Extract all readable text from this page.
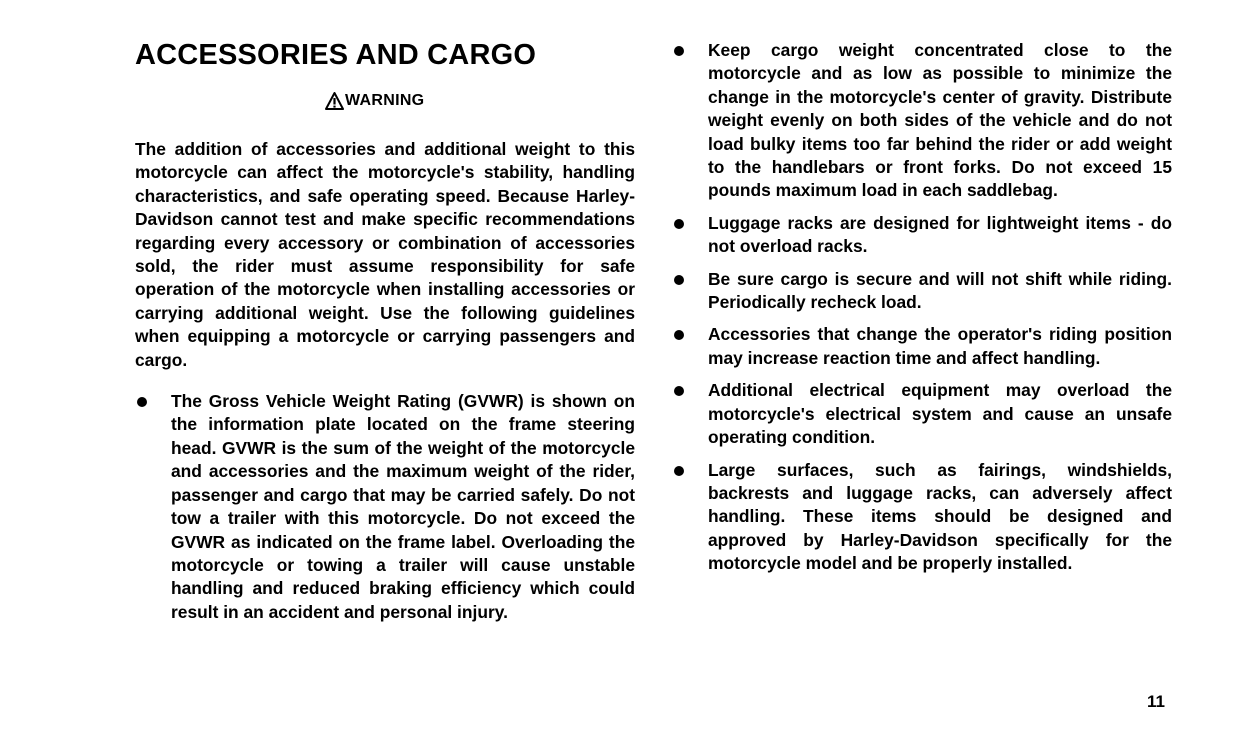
ACCESSORIES AND CARGO
WARNING

The addition of accessories and additional weight to this motorcycle can affect the motorcycle's stability, handling characteristics, and safe operating speed. Because Harley-Davidson cannot test and make specific recommendations regarding every accessory or combination of accessories sold, the rider must assume responsibility for safe operation of the motorcycle when installing accessories or carrying additional weight. Use the following guidelines when equipping a motorcycle or carrying passengers and cargo.

The Gross Vehicle Weight Rating (GVWR) is shown on the information plate located on the frame steering head. GVWR is the sum of the weight of the motorcycle and accessories and the maximum weight of the rider, passenger and cargo that may be carried safely. Do not tow a trailer with this motorcycle. Do not exceed the GVWR as indicated on the frame label. Overloading the motorcycle or towing a trailer will cause unstable handling and reduced braking efficiency which could result in an accident and personal injury.
Keep cargo weight concentrated close to the motorcycle and as low as possible to minimize the change in the motorcycle's center of gravity. Distribute weight evenly on both sides of the vehicle and do not load bulky items too far behind the rider or add weight to the handlebars or front forks. Do not exceed 15 pounds maximum load in each saddlebag.
Luggage racks are designed for lightweight items - do not overload racks.
Be sure cargo is secure and will not shift while riding. Periodically recheck load.
Accessories that change the operator's riding position may increase reaction time and affect handling.
Additional electrical equipment may overload the motorcycle's electrical system and cause an unsafe operating condition.
Large surfaces, such as fairings, windshields, backrests and luggage racks, can adversely affect handling. These items should be designed and approved by Harley-Davidson specifically for the motorcycle model and be properly installed.
11
